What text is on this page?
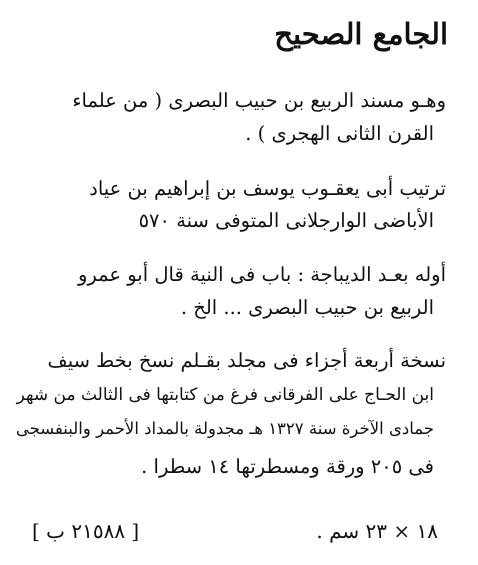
الجامع الصحيح
وهـو مسند الربيع بن حبيب البصرى ( من علماء
القرن الثانى الهجرى ) .
ترتيب أبى يعقـوب يوسف بن إبراهيم بن عياد
الأباضى الوارجلانى المتوفى سنة ٥٧٠
أوله بعـد الديباجة : باب فى النية قال أبو عمرو
الربيع بن حبيب البصرى ... الخ .
نسخة أربعة أجزاء فى مجلد بقـلم نسخ بخط سيف
ابن الحـاج على الفرقانى فرغ من كتابتها فى الثالث من شهر
جمادى الآخرة سنة ١٣٢٧ هـ مجدولة بالمداد الأحمر والبنفسجى
فى ٢٠٥ ورقة ومسطرتها ١٤ سطرا .
١٨ × ٢٣ سم .
[ ٢١٥٨٨ ب ]
